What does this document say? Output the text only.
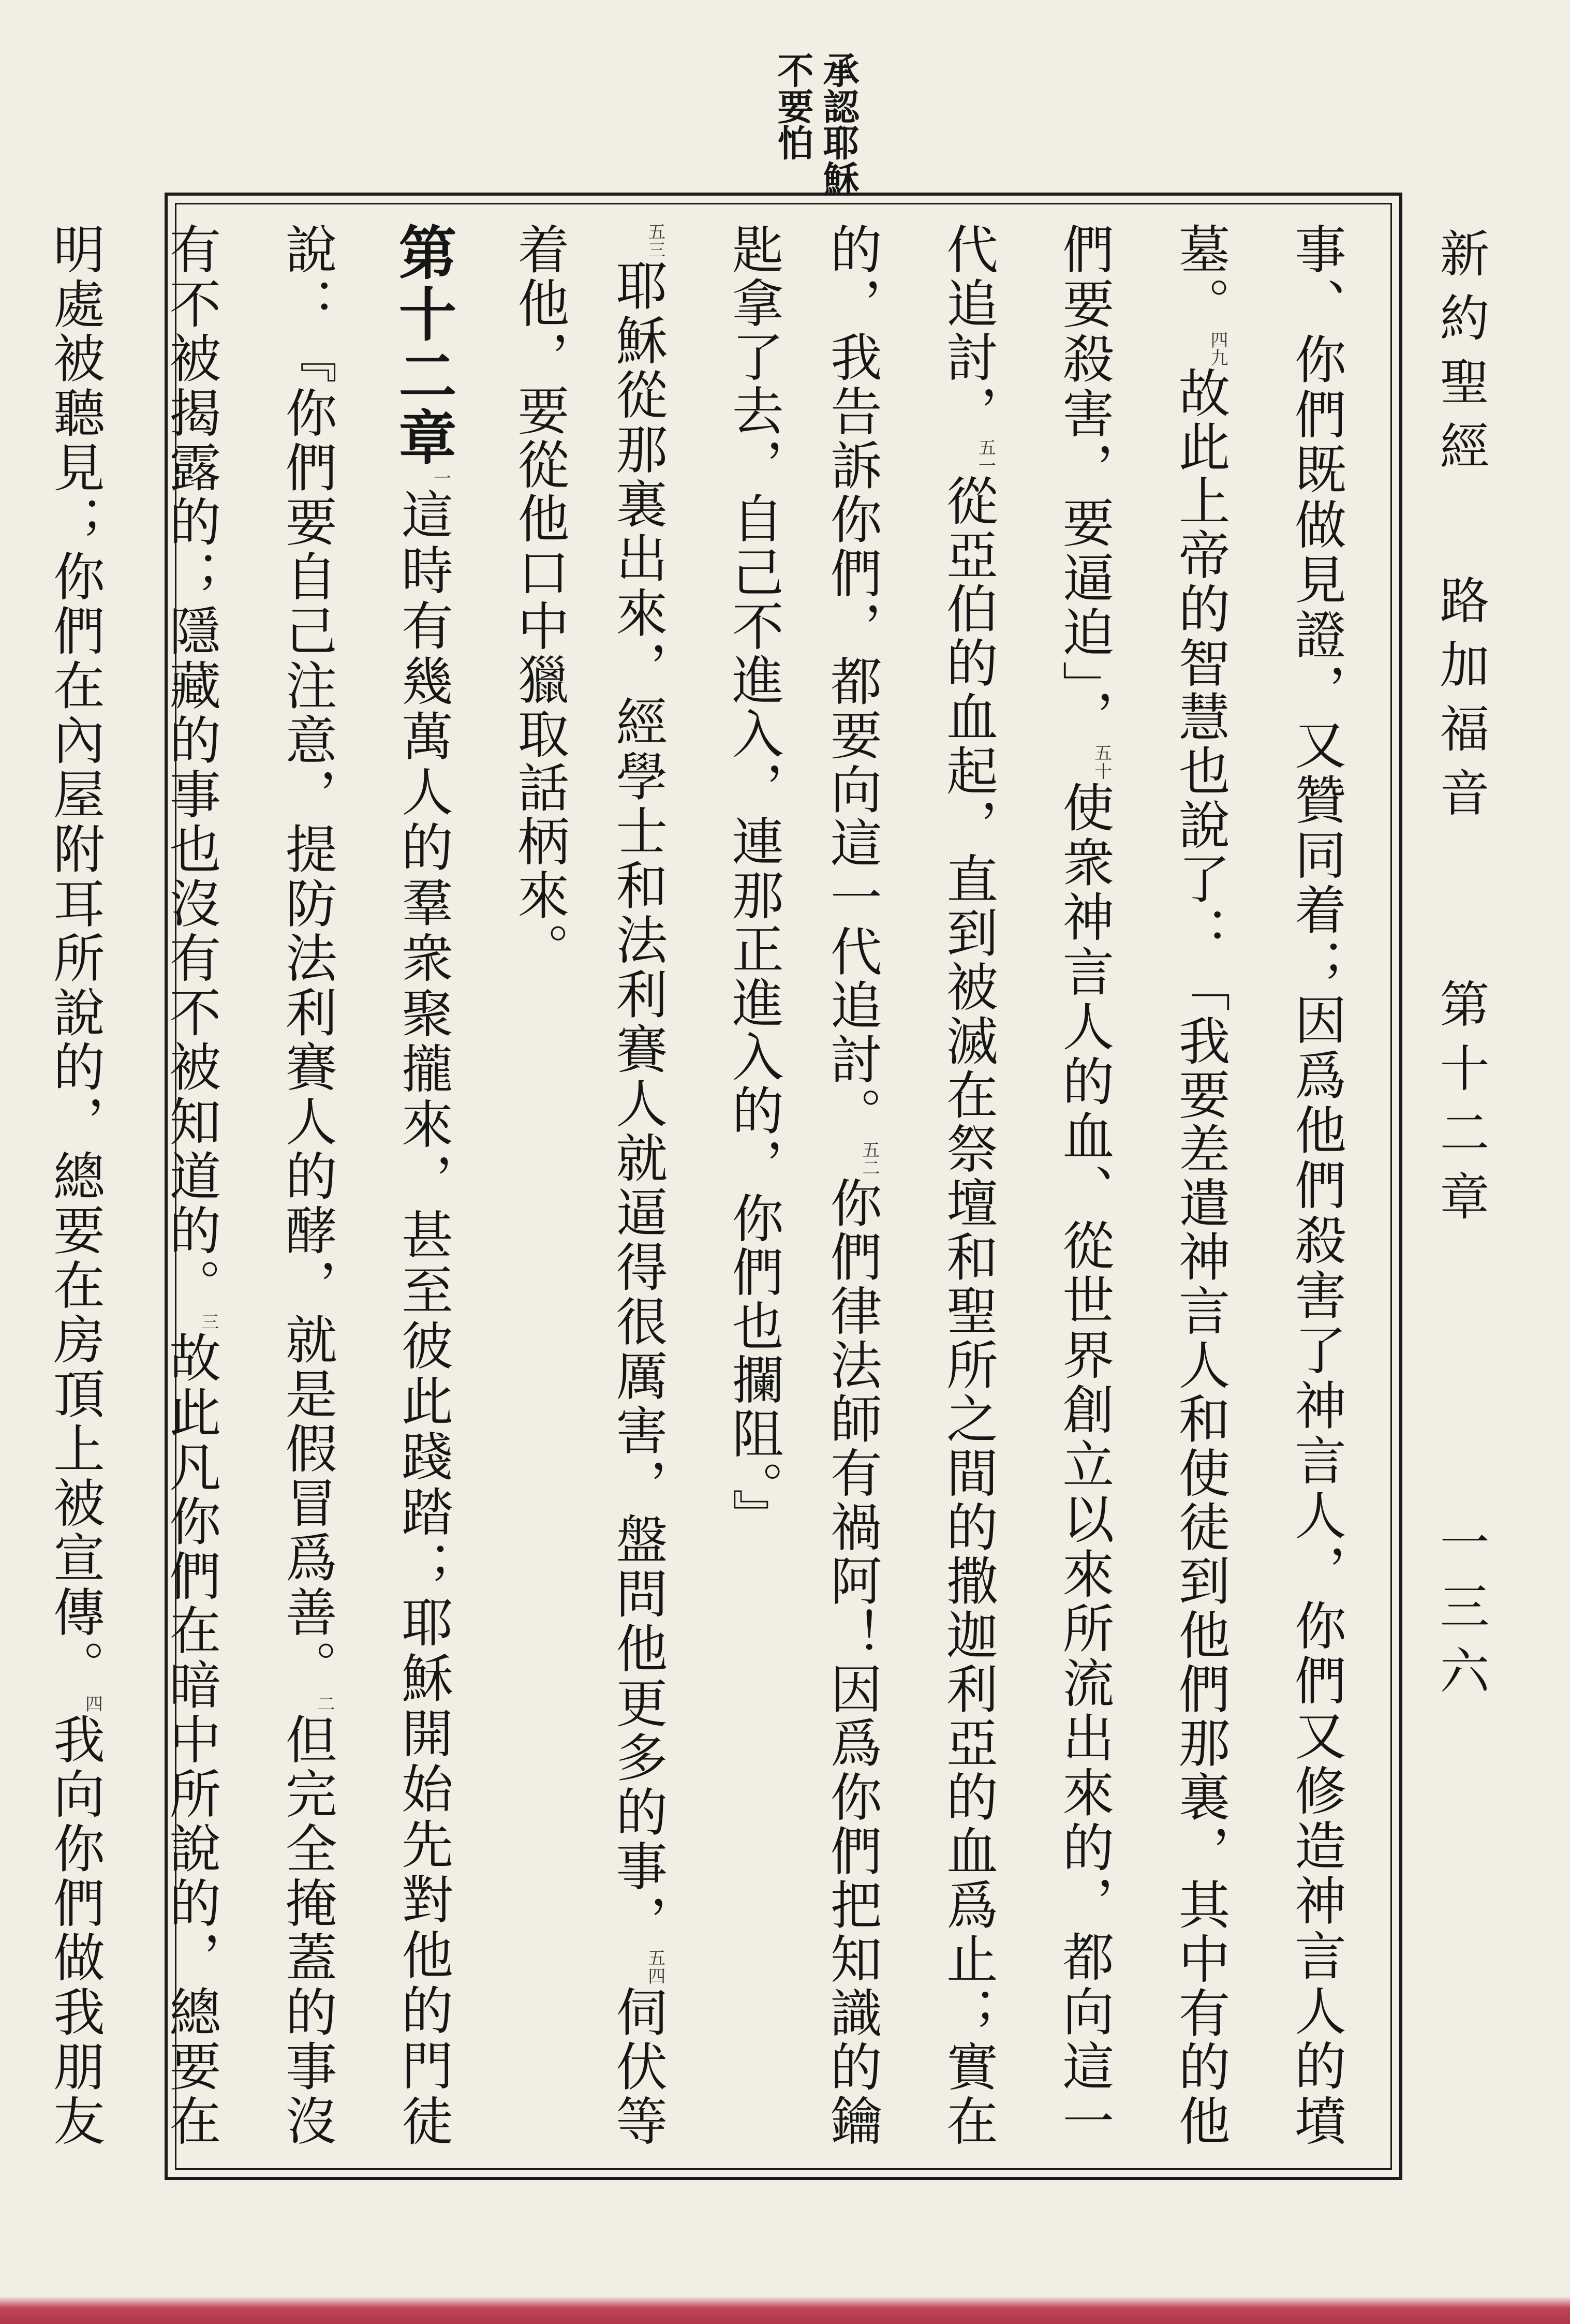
承認耶穌不要怕
新約聖經
路加福音
第十二章
一三六
事、你們既做見證，又贊同着；因爲他們殺害了神言人，你們又修造神言人的墳墓。$^{四九}$故此上帝的智慧也說了：「我要差遣神言人和使徒到他們那裏，其中有的他們要殺害，要逼迫」，$^{五十}$使衆神言人的血、從世界創立以來所流出來的，都向這一代追討，$^{五一}$從亞伯的血起，直到被滅在祭壇和聖所之間的撒迦利亞的血爲止；實在的，我告訴你們，都要向這一代追討。$^{五二}$你們律法師有禍阿！因爲你們把知識的鑰匙拿了去，自己不進入，連那正進入的，你們也攔阻。』
$^{五三}$耶穌從那裏出來，經學士和法利賽人就逼得很厲害，盤問他更多的事，$^{五四}$伺伏等着他，要從他口中獵取話柄來。
第十二章$^一$這時有幾萬人的羣衆聚攏來，甚至彼此踐踏；耶穌開始先對他的門徒說：『你們要自己注意，提防法利賽人的酵，就是假冒爲善。$^二$但完全掩蓋的事沒有不被揭露的；隱藏的事也沒有不被知道的。$^三$故此凡你們在暗中所說的，總要在明處被聽見；你們在內屋附耳所說的，總要在房頂上被宣傳。$^四$我向你們做我朋友
